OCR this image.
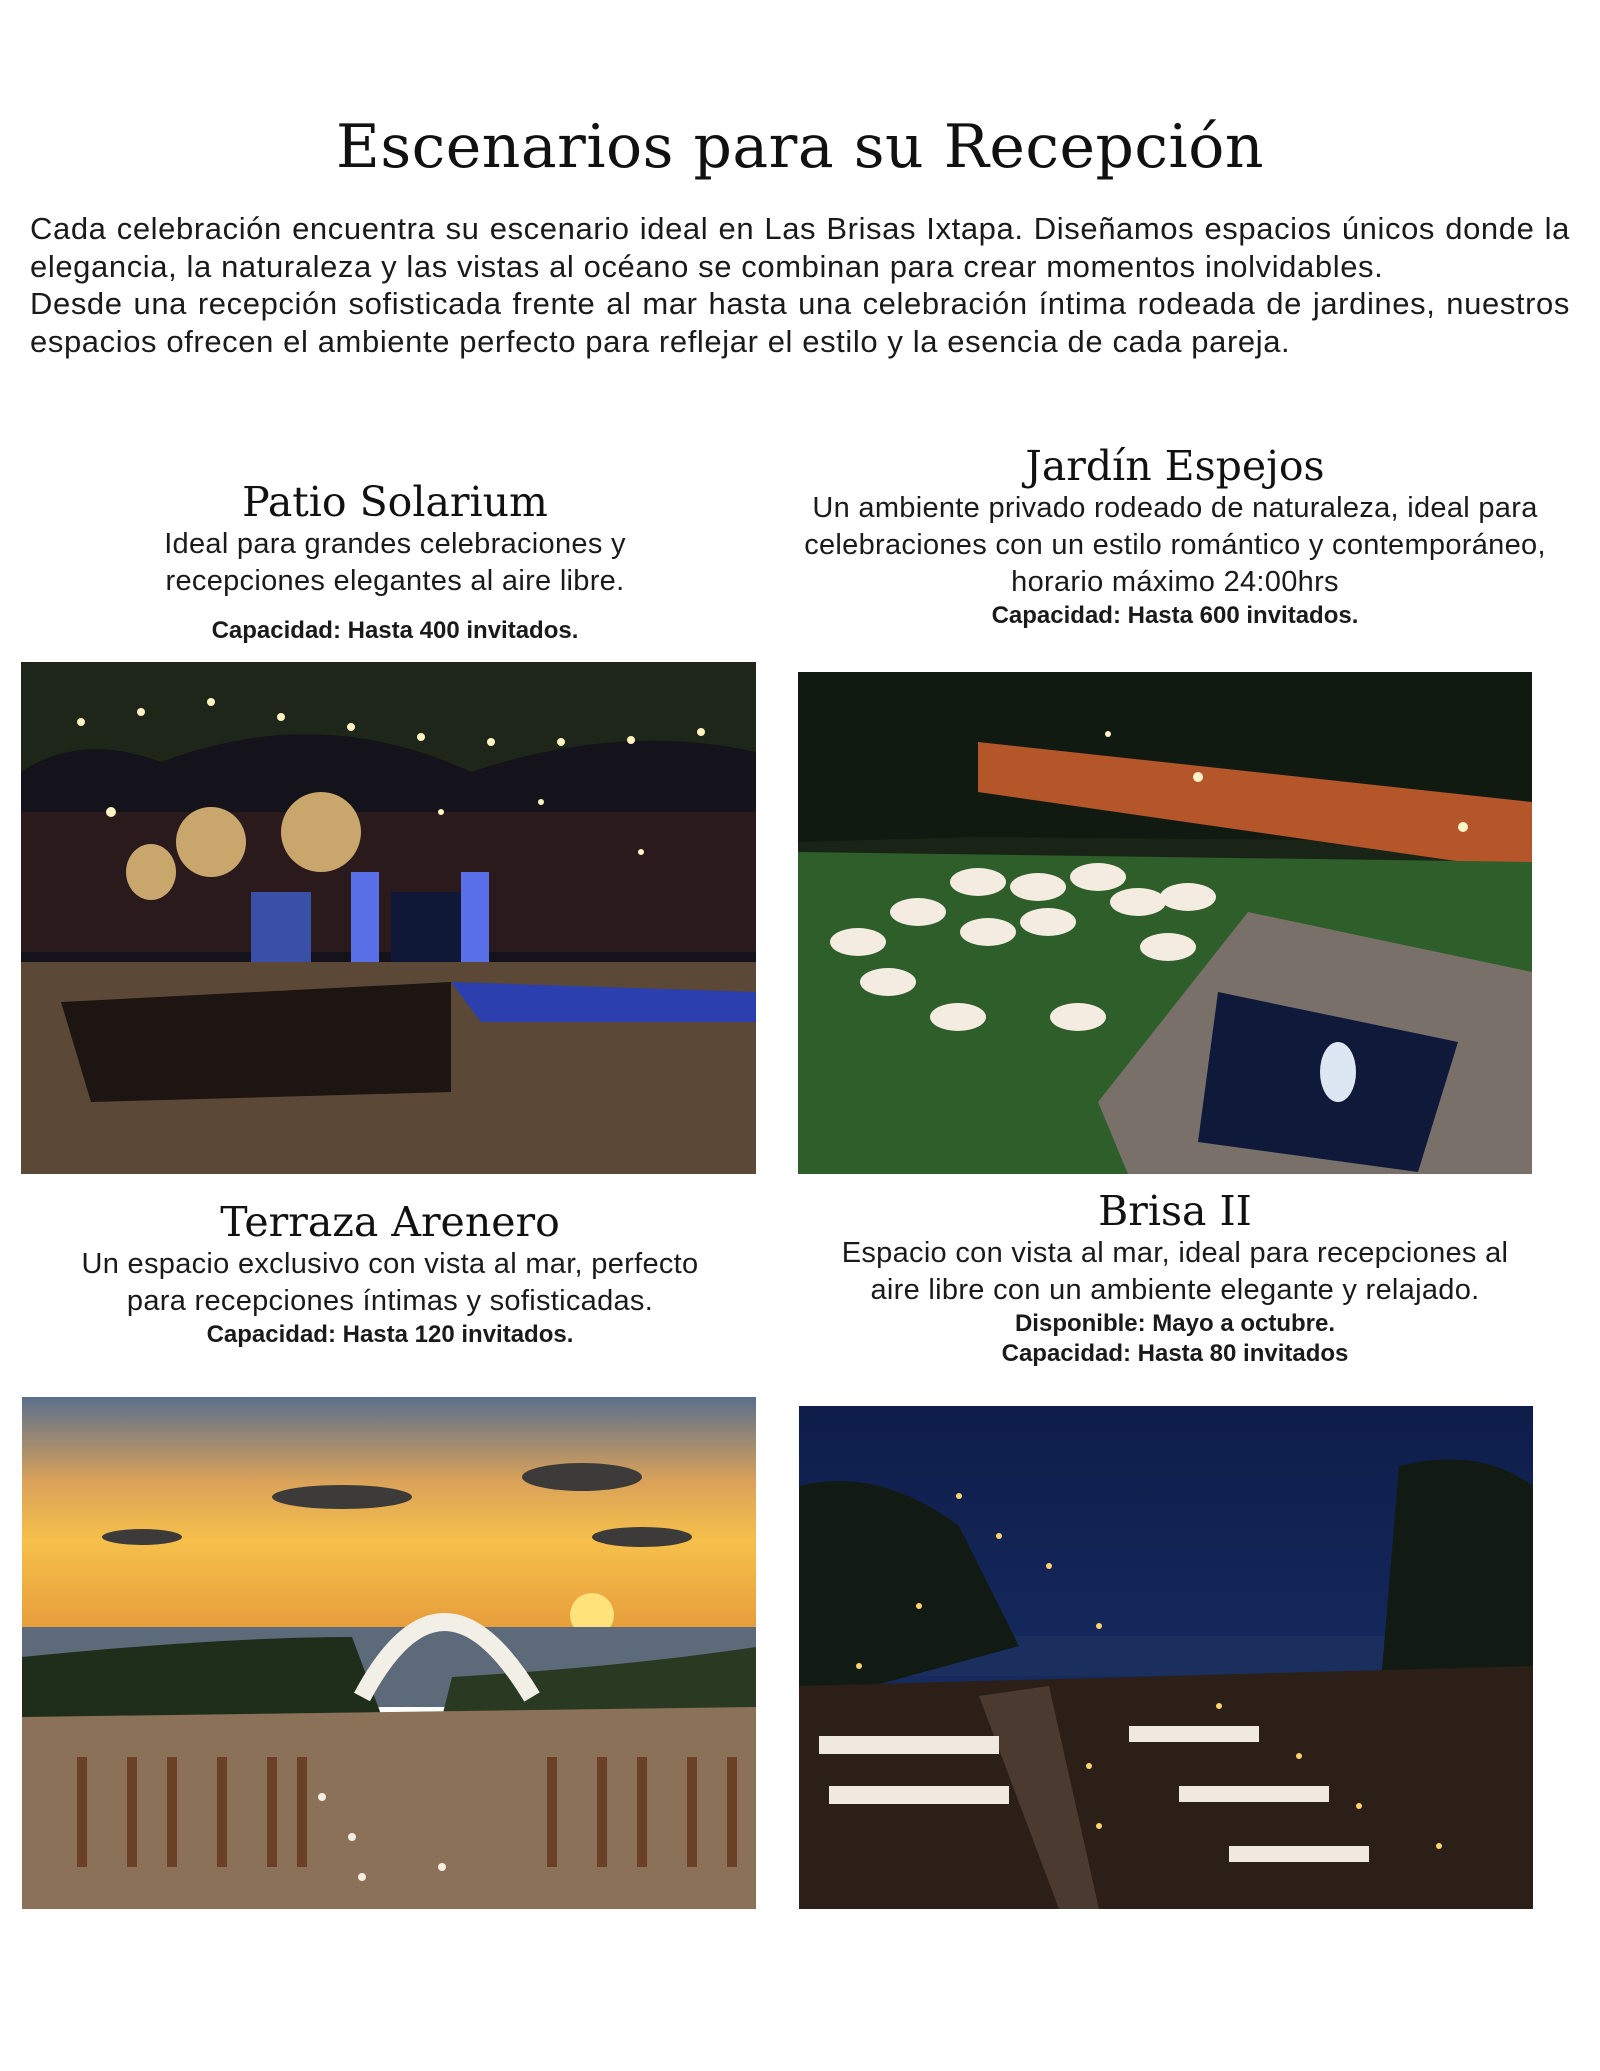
Escenarios para su Recepción

Cada celebración encuentra su escenario ideal en Las Brisas Ixtapa. Diseñamos espacios únicos donde la elegancia, la naturaleza y las vistas al océano se combinan para crear momentos inolvidables.

Desde una recepción sofisticada frente al mar hasta una celebración íntima rodeada de jardines, nuestros espacios ofrecen el ambiente perfecto para reflejar el estilo y la esencia de cada pareja.

Patio Solarium
Ideal para grandes celebraciones y recepciones elegantes al aire libre.
Capacidad: Hasta 400 invitados.
Jardín Espejos
Un ambiente privado rodeado de naturaleza, ideal para celebraciones con un estilo romántico y contemporáneo, horario máximo 24:00hrs
Capacidad: Hasta 600 invitados.
Terraza Arenero
Un espacio exclusivo con vista al mar, perfecto para recepciones íntimas y sofisticadas.
Capacidad: Hasta 120 invitados.
Brisa II
Espacio con vista al mar, ideal para recepciones al aire libre con un ambiente elegante y relajado.
Disponible: Mayo a octubre.
Capacidad: Hasta 80 invitados
